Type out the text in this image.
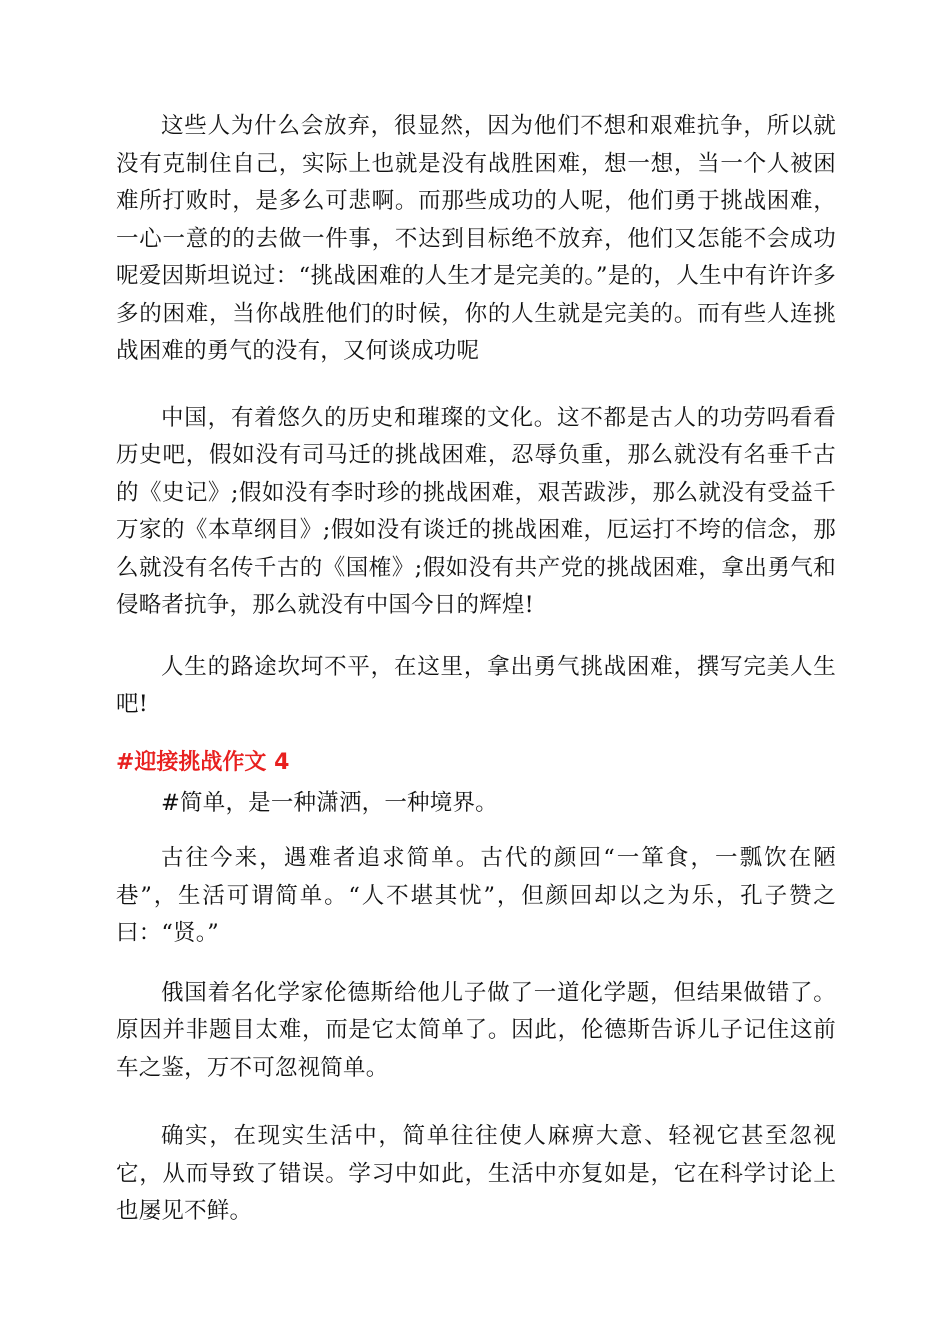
这些人为什么会放弃，很显然，因为他们不想和艰难抗争，所以就没有克制住自己，实际上也就是没有战胜困难，想一想，当一个人被困难所打败时，是多么可悲啊。而那些成功的人呢，他们勇于挑战困难，一心一意的的去做一件事，不达到目标绝不放弃，他们又怎能不会成功呢爱因斯坦说过：“挑战困难的人生才是完美的。”是的，人生中有许许多多的困难，当你战胜他们的时候，你的人生就是完美的。而有些人连挑战困难的勇气的没有，又何谈成功呢

中国，有着悠久的历史和璀璨的文化。这不都是古人的功劳吗看看历史吧，假如没有司马迁的挑战困难，忍辱负重，那么就没有名垂千古的《史记》;假如没有李时珍的挑战困难，艰苦跋涉，那么就没有受益千万家的《本草纲目》;假如没有谈迁的挑战困难，厄运打不垮的信念，那么就没有名传千古的《国榷》;假如没有共产党的挑战困难，拿出勇气和侵略者抗争，那么就没有中国今日的辉煌!

人生的路途坎坷不平，在这里，拿出勇气挑战困难，撰写完美人生吧!

#迎接挑战作文 4

#简单，是一种潇洒，一种境界。

古往今来，遇难者追求简单。古代的颜回“一箪食，一瓢饮在陋巷”，生活可谓简单。“人不堪其忧”，但颜回却以之为乐，孔子赞之曰：“贤。”

俄国着名化学家伦德斯给他儿子做了一道化学题，但结果做错了。原因并非题目太难，而是它太简单了。因此，伦德斯告诉儿子记住这前车之鉴，万不可忽视简单。

确实，在现实生活中，简单往往使人麻痹大意、轻视它甚至忽视它，从而导致了错误。学习中如此，生活中亦复如是，它在科学讨论上也屡见不鲜。
